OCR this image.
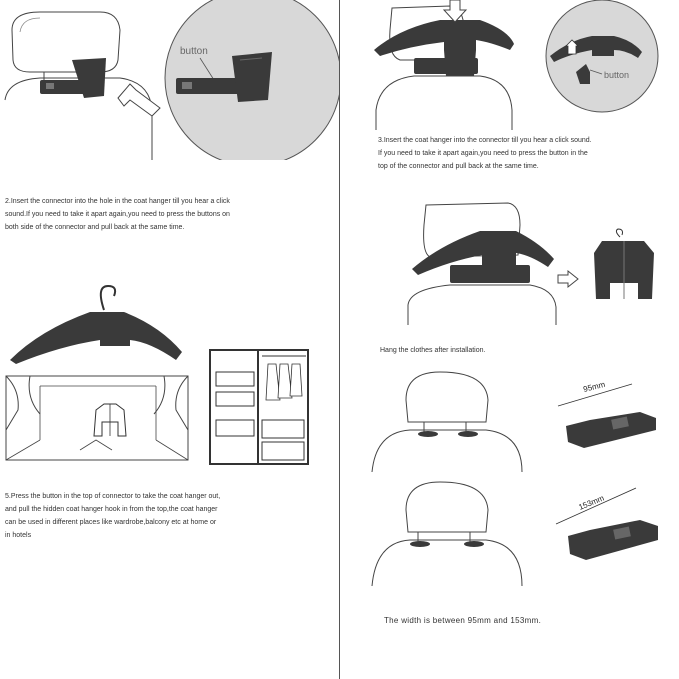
button
2.Insert the connector into the hole in the coat hanger till you hear a click
sound.If you need to take it apart again,you need to press the buttons on
both side of the connector and pull back at the same time.
5.Press the button in the top of connector to take the coat hanger out,
and pull the hidden coat hanger hook in from the top,the coat hanger
can be used in different places like wardrobe,balcony etc at home or
in hotels
button
3.Insert the coat hanger into the connector till you hear a click sound.
If you need to take it apart again,you need to press the button in the
top of the connector and pull back at the same time.
Hang the clothes after installation.
95mm
153mm
The width is between 95mm and 153mm.
